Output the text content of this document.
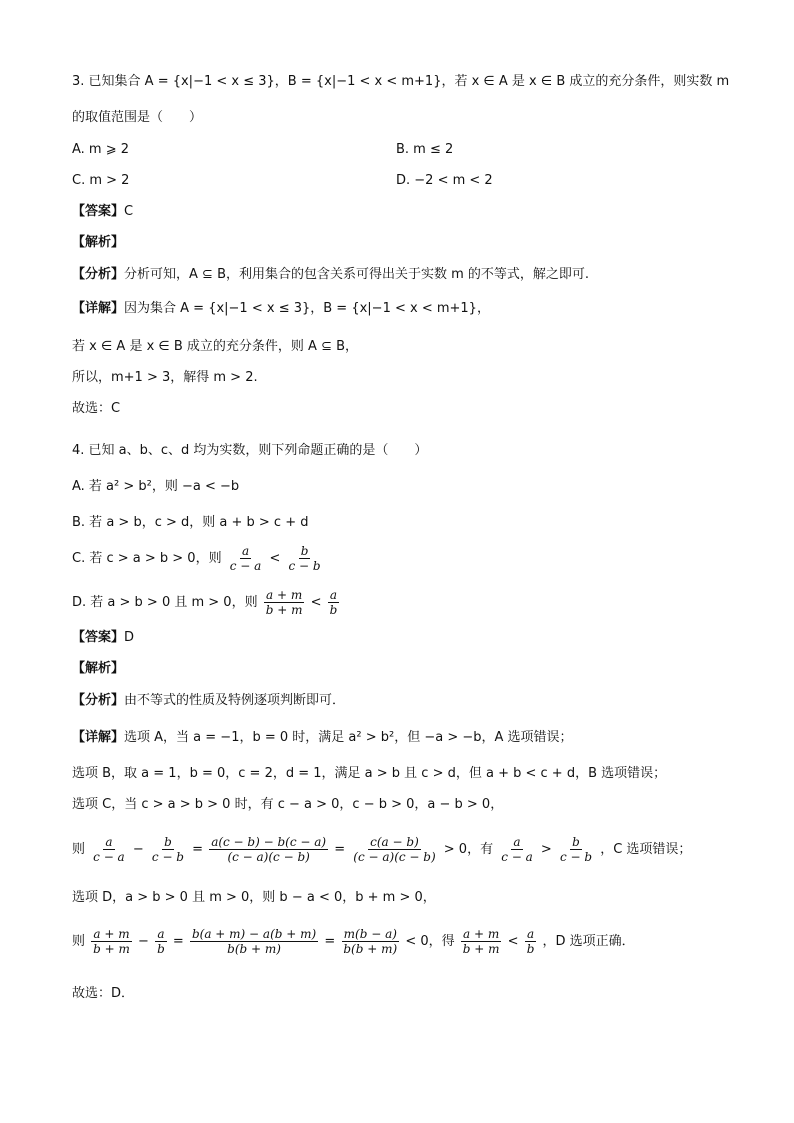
3. 已知集合 A = {x|−1 < x ≤ 3}，B = {x|−1 < x < m+1}，若 x ∈ A 是 x ∈ B 成立的充分条件，则实数 m
的取值范围是（　　）
A. m ⩾ 2	B. m ≤ 2
C. m > 2	D. −2 < m < 2
【答案】C
【解析】
【分析】分析可知，A ⊆ B，利用集合的包含关系可得出关于实数 m 的不等式，解之即可.
【详解】因为集合 A = {x|−1 < x ≤ 3}，B = {x|−1 < x < m+1}，
若 x ∈ A 是 x ∈ B 成立的充分条件，则 A ⊆ B，
所以，m+1 > 3，解得 m > 2.
故选：C
4. 已知 a、b、c、d 均为实数，则下列命题正确的是（　　）
A. 若 a² > b²，则 −a < −b
B. 若 a > b，c > d，则 a + b > c + d
C. 若 c > a > b > 0，则 $\frac{a}{c - a} < \frac{b}{c - b}$
D. 若 a > b > 0 且 m > 0，则 $\frac{a + m}{b + m} < \frac{a}{b}$
【答案】D
【解析】
【分析】由不等式的性质及特例逐项判断即可．
【详解】选项 A，当 a = −1，b = 0 时，满足 a² > b²，但 −a > −b，A 选项错误；
选项 B，取 a = 1，b = 0，c = 2，d = 1，满足 a > b 且 c > d，但 a + b < c + d，B 选项错误；
选项 C，当 c > a > b > 0 时，有 c − a > 0，c − b > 0，a − b > 0，
则 $\frac{a}{c - a} - \frac{b}{c - b} = \frac{a(c - b) - b(c - a)}{(c - a)(c - b)} = \frac{c(a - b)}{(c - a)(c - b)} > 0$，有 $\frac{a}{c - a} > \frac{b}{c - b}$ ，C 选项错误；
选项 D，a > b > 0 且 m > 0，则 b − a < 0，b + m > 0，
则 $\frac{a + m}{b + m} - \frac{a}{b} = \frac{b(a + m) - a(b + m)}{b(b + m)} = \frac{m(b - a)}{b(b + m)} < 0$，得 $\frac{a + m}{b + m} < \frac{a}{b}$ ，D 选项正确．
故选：D．
